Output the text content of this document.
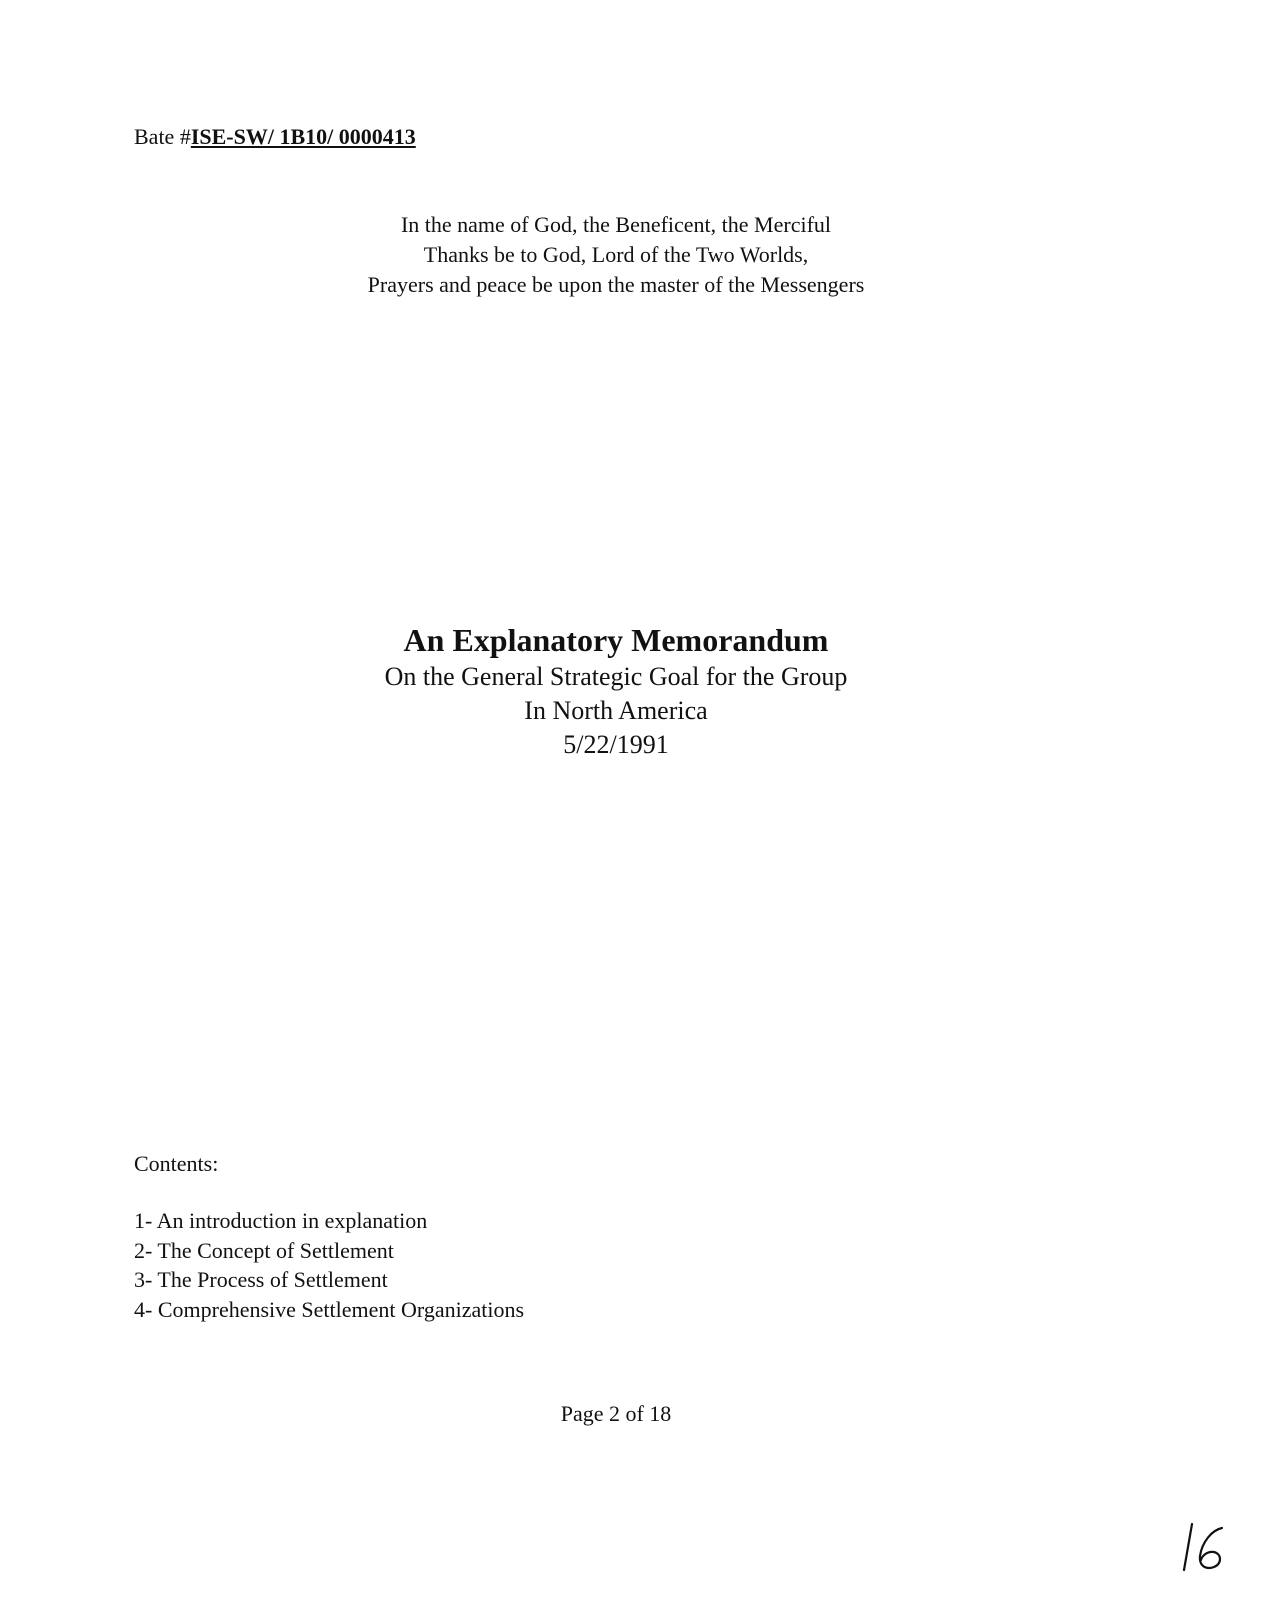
Bate #ISE-SW/ 1B10/ 0000413
In the name of God, the Beneficent, the Merciful
Thanks be to God, Lord of the Two Worlds,
Prayers and peace be upon the master of the Messengers
An Explanatory Memorandum
On the General Strategic Goal for the Group
In North America
5/22/1991
Contents:
1- An introduction in explanation
2- The Concept of Settlement
3- The Process of Settlement
4- Comprehensive Settlement Organizations
Page 2 of 18
